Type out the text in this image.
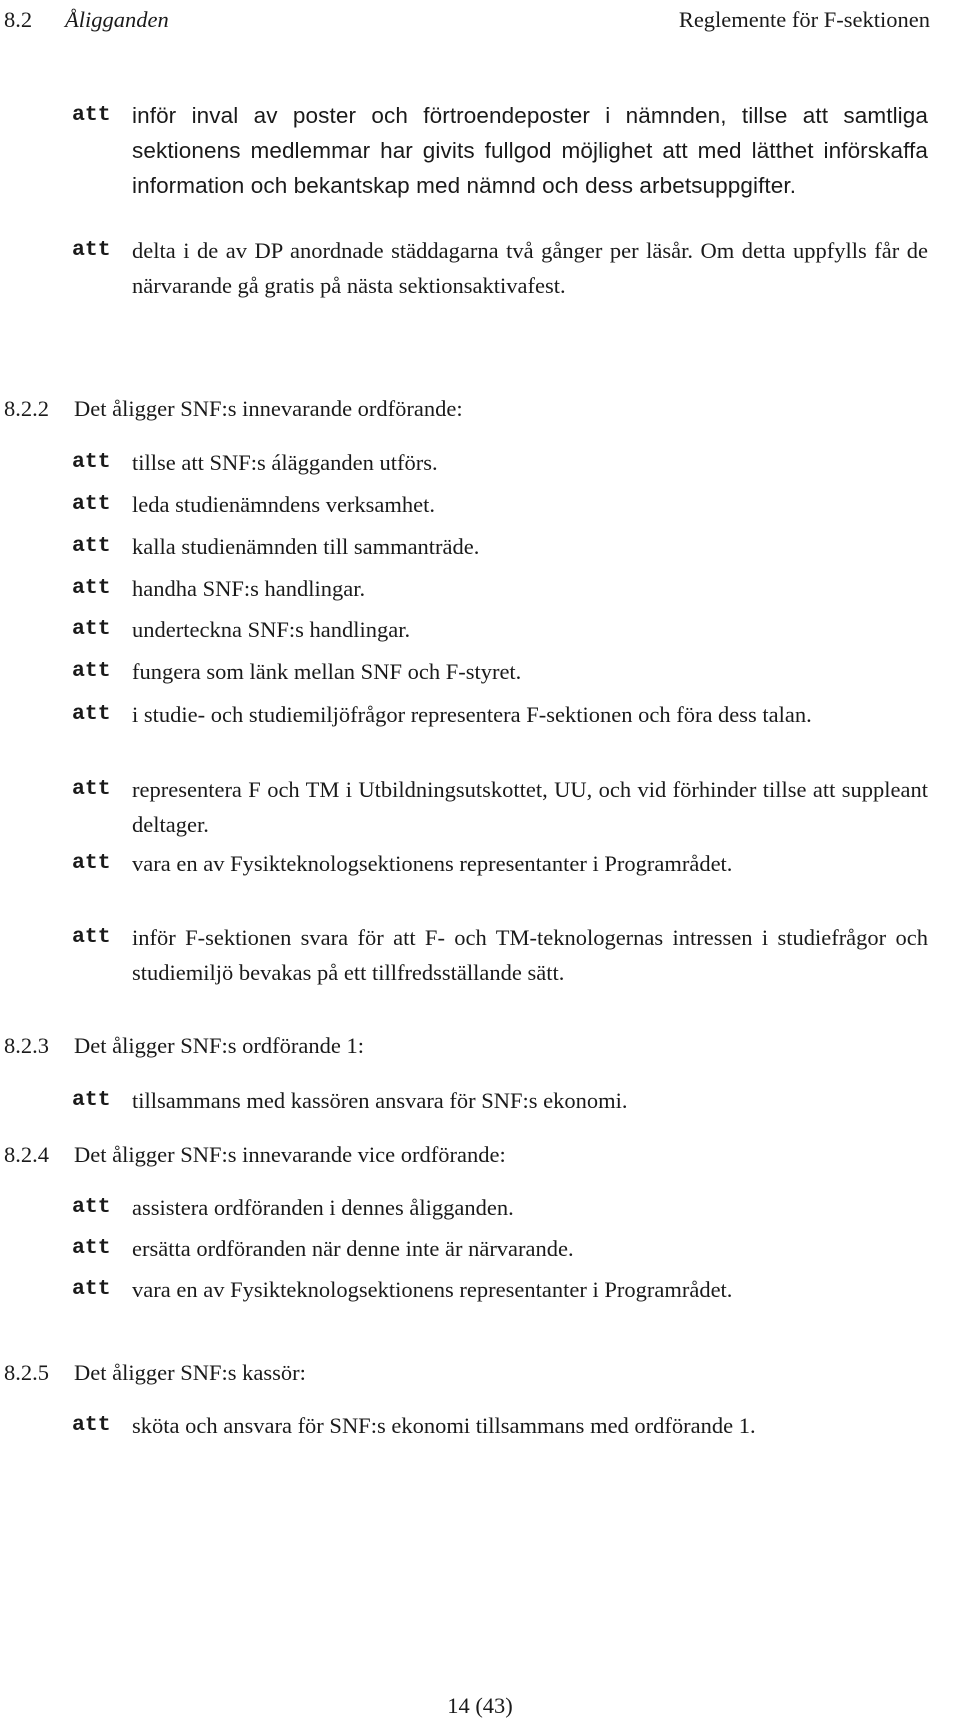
8.2 Åligganden	Reglemente för F-sektionen
att inför inval av poster och förtroendeposter i nämnden, tillse att samtliga sektionens medlemmar har givits fullgod möjlighet att med lätthet införskaffa information och bekantskap med nämnd och dess arbetsuppgifter.
att delta i de av DP anordnade städdagarna två gånger per läsår. Om detta uppfylls får de närvarande gå gratis på nästa sektionsaktivafest.
8.2.2 Det åligger SNF:s innevarande ordförande:
att tillse att SNF:s álägganden utförs.
att leda studienämndens verksamhet.
att kalla studienämnden till sammanträde.
att handha SNF:s handlingar.
att underteckna SNF:s handlingar.
att fungera som länk mellan SNF och F-styret.
att i studie- och studiemiljöfrågor representera F-sektionen och föra dess talan.
att representera F och TM i Utbildningsutskottet, UU, och vid förhinder tillse att suppleant deltager.
att vara en av Fysikteknologsektionens representanter i Programrådet.
att inför F-sektionen svara för att F- och TM-teknologernas intressen i studiefrågor och studiemiljö bevakas på ett tillfredsställande sätt.
8.2.3 Det åligger SNF:s ordförande 1:
att tillsammans med kassören ansvara för SNF:s ekonomi.
8.2.4 Det åligger SNF:s innevarande vice ordförande:
att assistera ordföranden i dennes åligganden.
att ersätta ordföranden när denne inte är närvarande.
att vara en av Fysikteknologsektionens representanter i Programrådet.
8.2.5 Det åligger SNF:s kassör:
att sköta och ansvara för SNF:s ekonomi tillsammans med ordförande 1.
14 (43)
